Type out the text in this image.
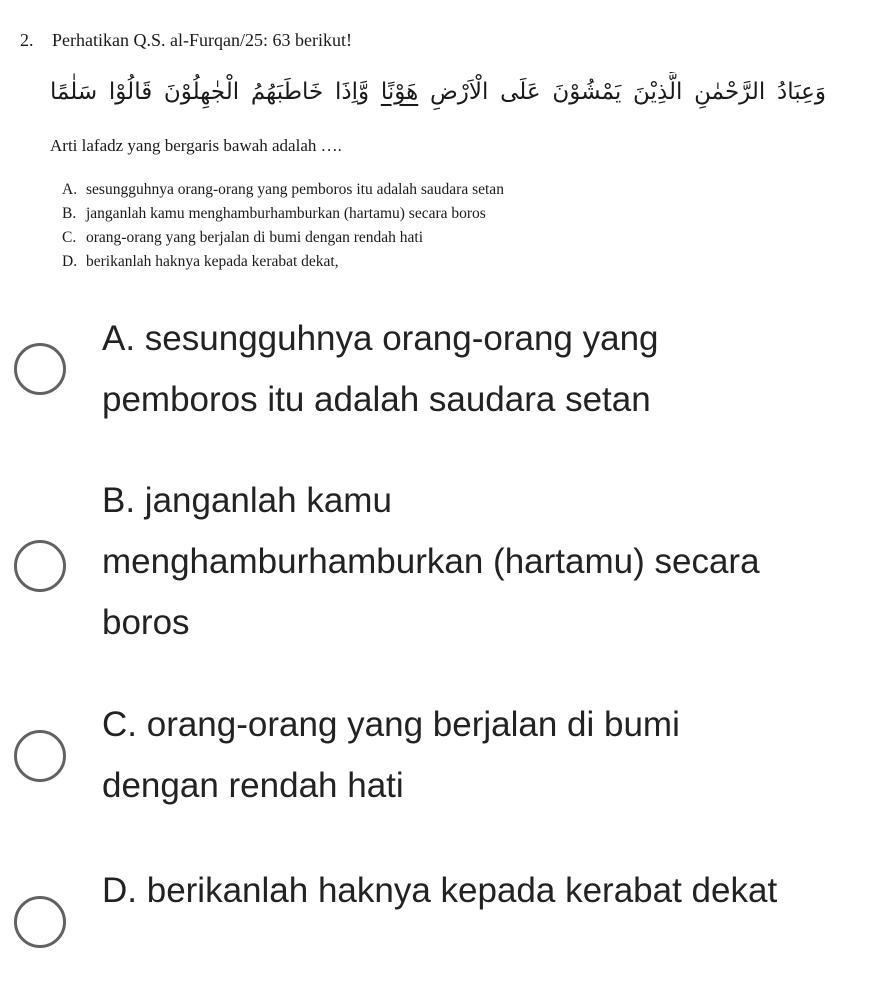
2. Perhatikan Q.S. al-Furqan/25: 63 berikut!
وَعِبَادُ الرَّحْمٰنِ الَّذِيْنَ يَمْشُوْنَ عَلَى الْاَرْضِ هَوْنًا وَّاِذَا خَاطَبَهُمُ الْجٰهِلُوْنَ قَالُوْا سَلٰمًا
Arti lafadz yang bergaris bawah adalah ….
A. sesungguhnya orang-orang yang pemboros itu adalah saudara setan
B. janganlah kamu menghamburhamburkan (hartamu) secara boros
C. orang-orang yang berjalan di bumi dengan rendah hati
D. berikanlah haknya kepada kerabat dekat,
A. sesungguhnya orang-orang yang pemboros itu adalah saudara setan
B. janganlah kamu menghamburhamburkan (hartamu) secara boros
C. orang-orang yang berjalan di bumi dengan rendah hati
D. berikanlah haknya kepada kerabat dekat
